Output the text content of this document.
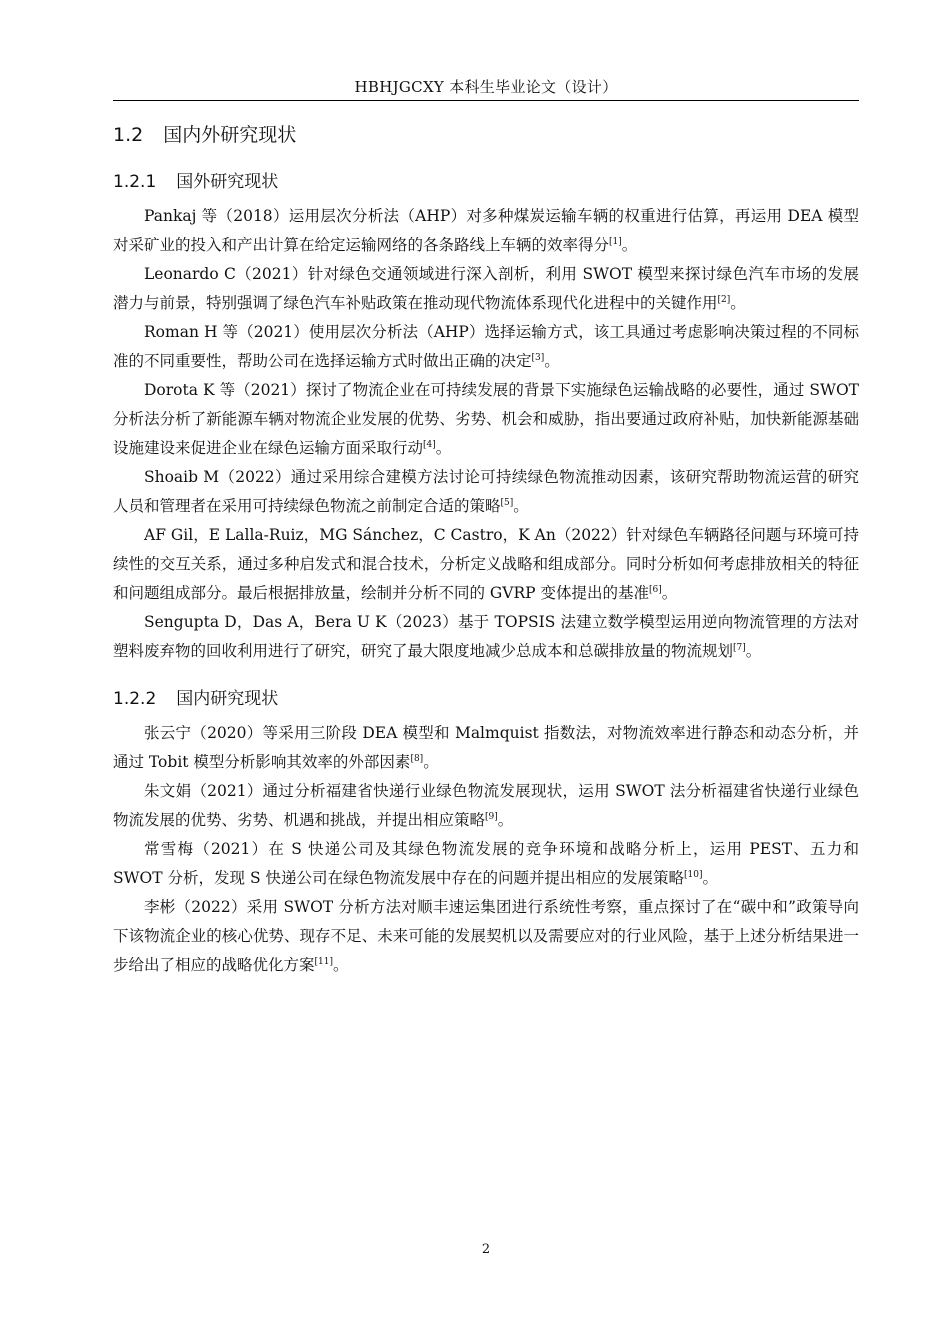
HBHJGCXY 本科生毕业论文（设计）
1.2 国内外研究现状
1.2.1 国外研究现状

Pankaj 等（2018）运用层次分析法（AHP）对多种煤炭运输车辆的权重进行估算，再运用 DEA 模型对采矿业的投入和产出计算在给定运输网络的各条路线上车辆的效率得分[1]。

Leonardo C（2021）针对绿色交通领域进行深入剖析，利用 SWOT 模型来探讨绿色汽车市场的发展潜力与前景，特别强调了绿色汽车补贴政策在推动现代物流体系现代化进程中的关键作用[2]。

Roman H 等（2021）使用层次分析法（AHP）选择运输方式，该工具通过考虑影响决策过程的不同标准的不同重要性，帮助公司在选择运输方式时做出正确的决定[3]。

Dorota K 等（2021）探讨了物流企业在可持续发展的背景下实施绿色运输战略的必要性，通过 SWOT 分析法分析了新能源车辆对物流企业发展的优势、劣势、机会和威胁，指出要通过政府补贴，加快新能源基础设施建设来促进企业在绿色运输方面采取行动[4]。

Shoaib M（2022）通过采用综合建模方法讨论可持续绿色物流推动因素，该研究帮助物流运营的研究人员和管理者在采用可持续绿色物流之前制定合适的策略[5]。

AF Gil，E Lalla-Ruiz，MG Sánchez，C Castro，K An（2022）针对绿色车辆路径问题与环境可持续性的交互关系，通过多种启发式和混合技术，分析定义战略和组成部分。同时分析如何考虑排放相关的特征和问题组成部分。最后根据排放量，绘制并分析不同的 GVRP 变体提出的基准[6]。

Sengupta D，Das A，Bera U K（2023）基于 TOPSIS 法建立数学模型运用逆向物流管理的方法对塑料废弃物的回收利用进行了研究，研究了最大限度地减少总成本和总碳排放量的物流规划[7]。

1.2.2 国内研究现状

张云宁（2020）等采用三阶段 DEA 模型和 Malmquist 指数法，对物流效率进行静态和动态分析，并通过 Tobit 模型分析影响其效率的外部因素[8]。

朱文娟（2021）通过分析福建省快递行业绿色物流发展现状，运用 SWOT 法分析福建省快递行业绿色物流发展的优势、劣势、机遇和挑战，并提出相应策略[9]。

常雪梅（2021）在 S 快递公司及其绿色物流发展的竞争环境和战略分析上，运用 PEST、五力和 SWOT 分析，发现 S 快递公司在绿色物流发展中存在的问题并提出相应的发展策略[10]。

李彬（2022）采用 SWOT 分析方法对顺丰速运集团进行系统性考察，重点探讨了在“碳中和”政策导向下该物流企业的核心优势、现存不足、未来可能的发展契机以及需要应对的行业风险，基于上述分析结果进一步给出了相应的战略优化方案[11]。

2
